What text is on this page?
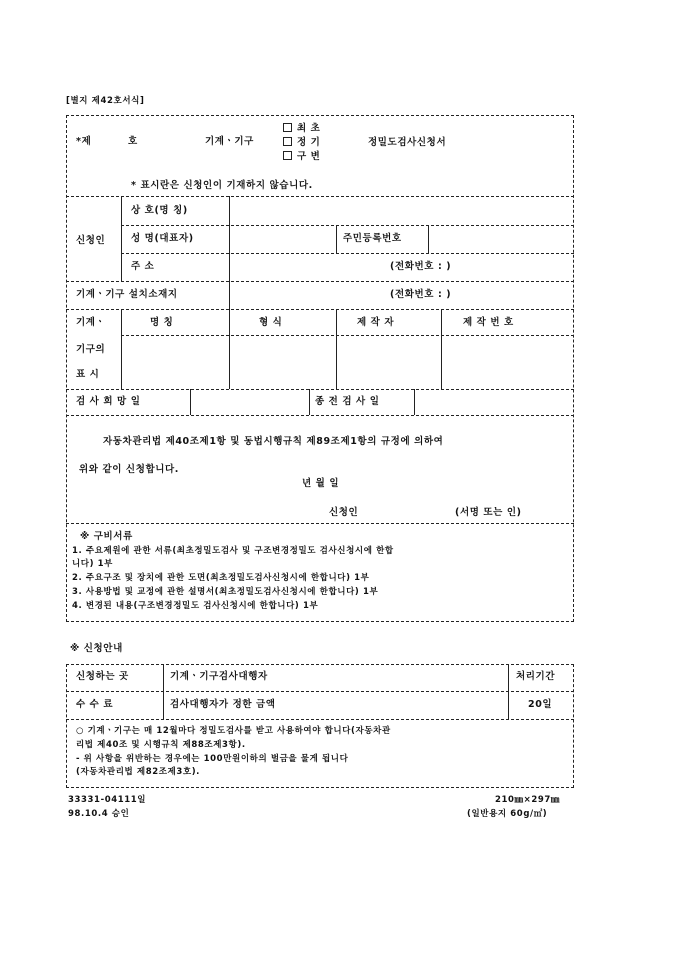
[별지 제42호서식]
*제	호	기계ㆍ기구
최 초
정 기
구 변
정밀도검사신청서
* 표시란은 신청인이 기재하지 않습니다.
신청인
상 호(명 칭)
성 명(대표자)	주민등록번호
주 소	(전화번호 : )
기계ㆍ기구 설치소재지	(전화번호 : )
기계ㆍ
기구의
표 시
명 칭	형 식	제 작 자	제 작 번 호
검 사 희 망 일	종 전 검 사 일
자동차관리법 제40조제1항 및 동법시행규칙 제89조제1항의 규정에 의하여
위와 같이 신청합니다.
년 월 일
신청인	(서명 또는 인)
※ 구비서류
1. 주요제원에 관한 서류(최초정밀도검사 및 구조변경정밀도 검사신청시에 한합
니다) 1부
2. 주요구조 및 장치에 관한 도면(최초정밀도검사신청시에 한합니다) 1부
3. 사용방법 및 교정에 관한 설명서(최초정밀도검사신청시에 한합니다) 1부
4. 변경된 내용(구조변경정밀도 검사신청시에 한합니다) 1부
※ 신청안내
신청하는 곳	기계ㆍ기구검사대행자	처리기간
수 수 료	검사대행자가 정한 금액	20일
○ 기계ㆍ기구는 매 12월마다 정밀도검사를 받고 사용하여야 합니다(자동차관
리법 제40조 및 시행규칙 제88조제3항).
- 위 사항을 위반하는 경우에는 100만원이하의 벌금을 물게 됩니다
(자동차관리법 제82조제3호).
33331-04111일
98.10.4 승인
210㎜×297㎜
(일반용지 60g/㎡)
